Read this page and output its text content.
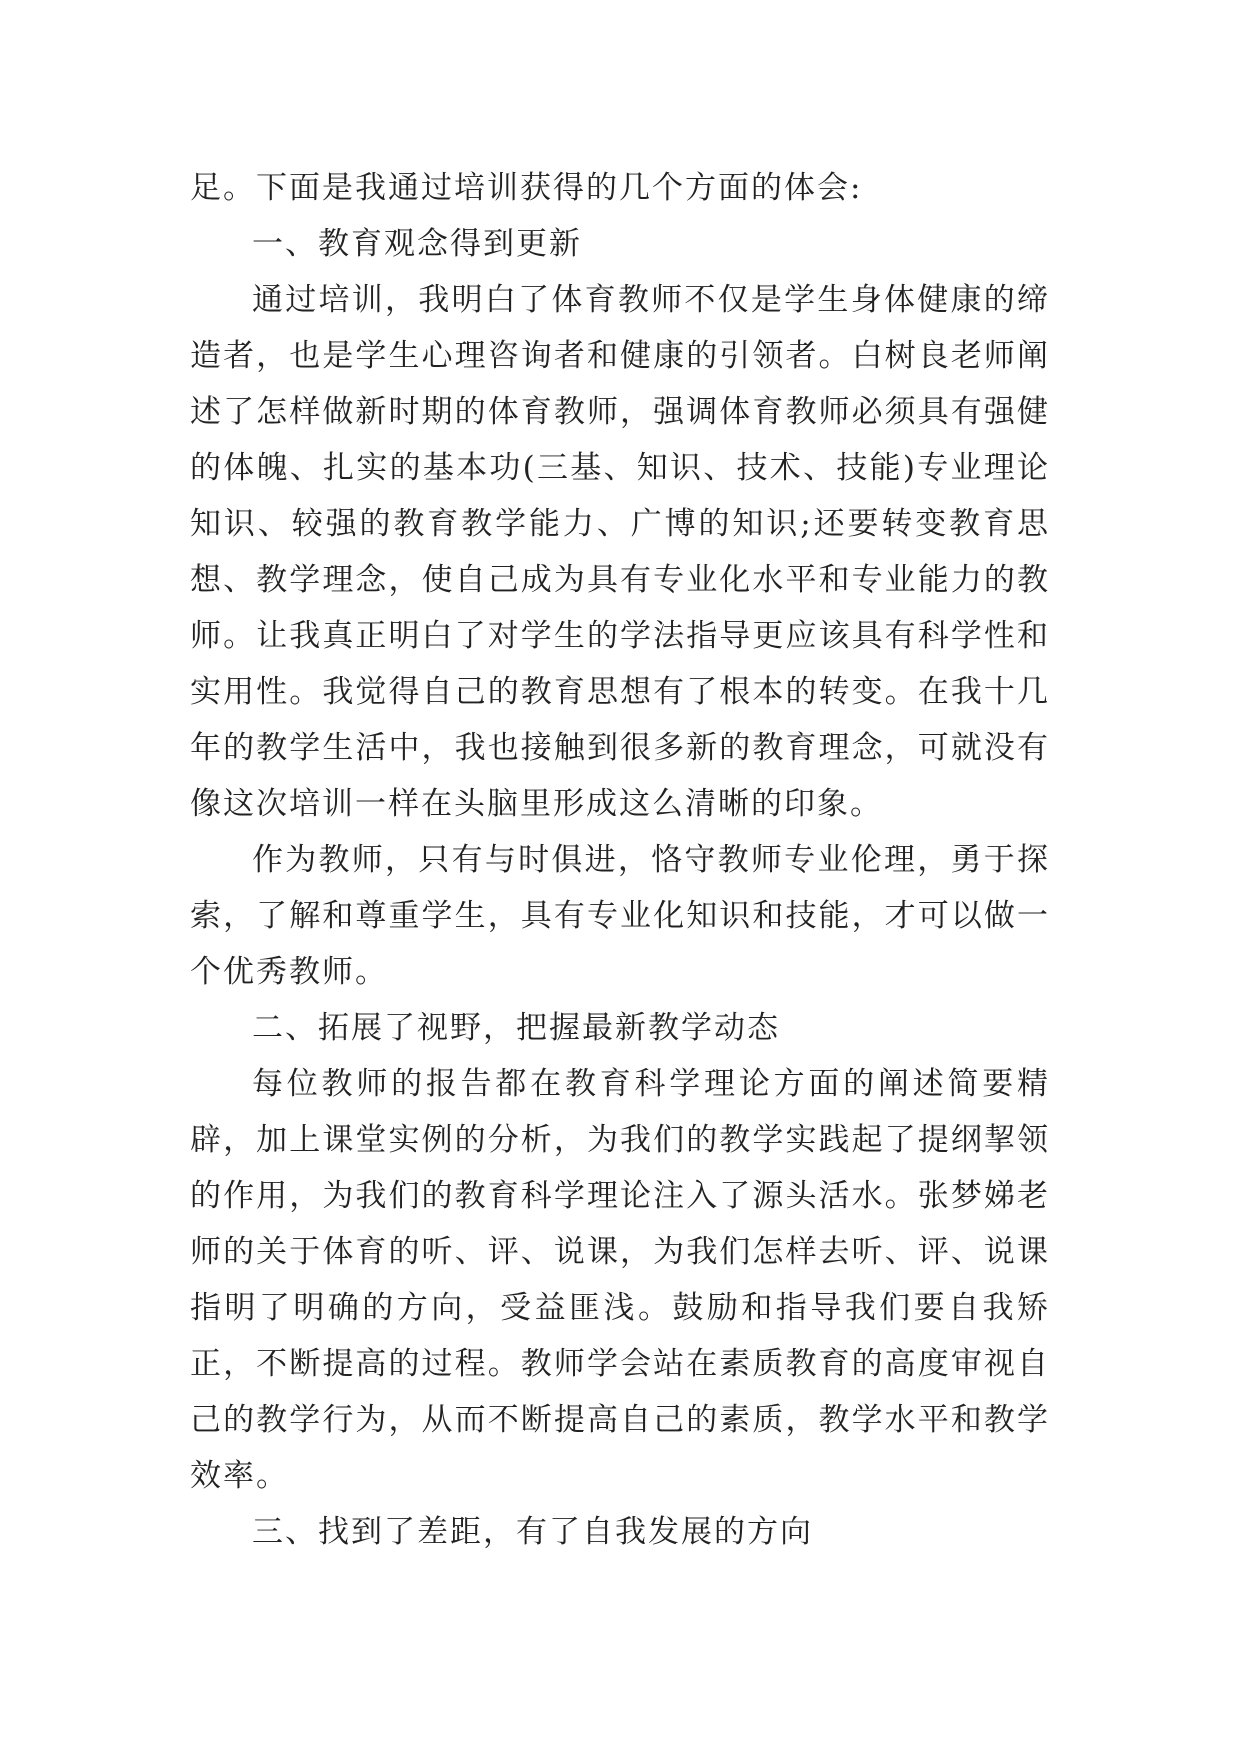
足。下面是我通过培训获得的几个方面的体会:

一、教育观念得到更新

通过培训，我明白了体育教师不仅是学生身体健康的缔造者，也是学生心理咨询者和健康的引领者。白树良老师阐述了怎样做新时期的体育教师，强调体育教师必须具有强健的体魄、扎实的基本功(三基、知识、技术、技能)专业理论知识、较强的教育教学能力、广博的知识;还要转变教育思想、教学理念，使自己成为具有专业化水平和专业能力的教师。让我真正明白了对学生的学法指导更应该具有科学性和实用性。我觉得自己的教育思想有了根本的转变。在我十几年的教学生活中，我也接触到很多新的教育理念，可就没有像这次培训一样在头脑里形成这么清晰的印象。

作为教师，只有与时俱进，恪守教师专业伦理，勇于探索，了解和尊重学生，具有专业化知识和技能，才可以做一个优秀教师。

二、拓展了视野，把握最新教学动态

每位教师的报告都在教育科学理论方面的阐述简要精辟，加上课堂实例的分析，为我们的教学实践起了提纲挈领的作用，为我们的教育科学理论注入了源头活水。张梦娣老师的关于体育的听、评、说课，为我们怎样去听、评、说课指明了明确的方向，受益匪浅。鼓励和指导我们要自我矫正，不断提高的过程。教师学会站在素质教育的高度审视自己的教学行为，从而不断提高自己的素质，教学水平和教学效率。

三、找到了差距，有了自我发展的方向
